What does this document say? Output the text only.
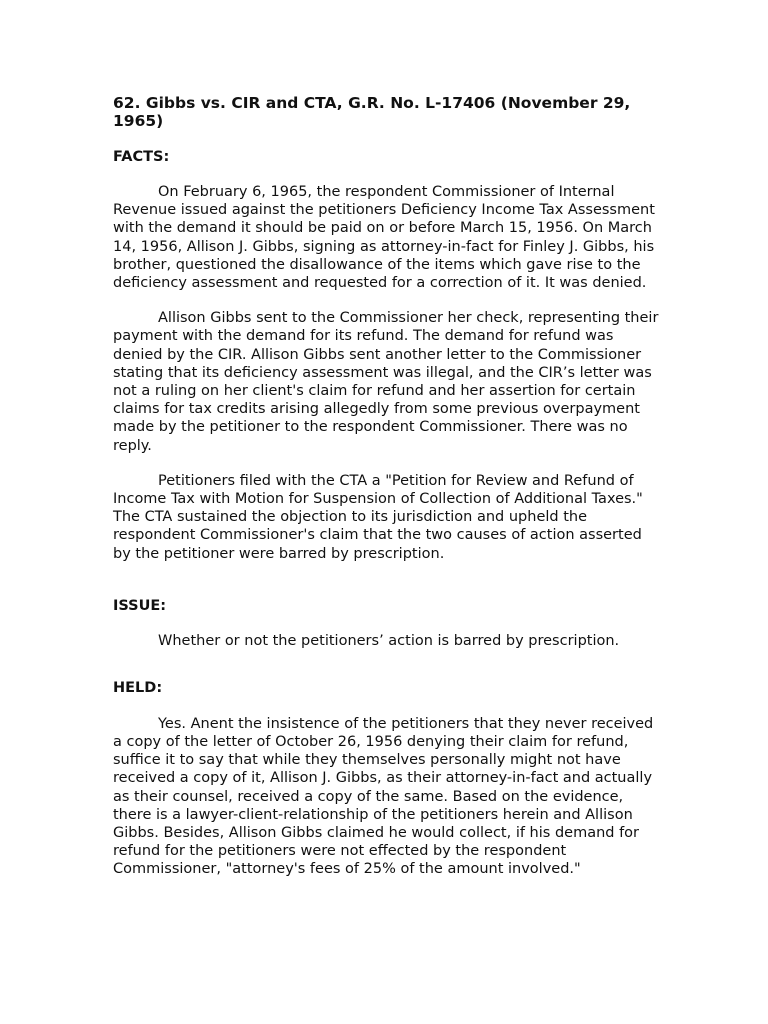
62. Gibbs vs. CIR and CTA, G.R. No. L-17406 (November 29, 1965)

FACTS:

On February 6, 1965, the respondent Commissioner of Internal Revenue issued against the petitioners Deficiency Income Tax Assessment with the demand it should be paid on or before March 15, 1956. On March 14, 1956, Allison J. Gibbs, signing as attorney-in-fact for Finley J. Gibbs, his brother, questioned the disallowance of the items which gave rise to the deficiency assessment and requested for a correction of it. It was denied.

Allison Gibbs sent to the Commissioner her check, representing their payment with the demand for its refund. The demand for refund was denied by the CIR. Allison Gibbs sent another letter to the Commissioner stating that its deficiency assessment was illegal, and the CIR’s letter was not a ruling on her client's claim for refund and her assertion for certain claims for tax credits arising allegedly from some previous overpayment made by the petitioner to the respondent Commissioner. There was no reply.

Petitioners filed with the CTA a "Petition for Review and Refund of Income Tax with Motion for Suspension of Collection of Additional Taxes." The CTA sustained the objection to its jurisdiction and upheld the respondent Commissioner's claim that the two causes of action asserted by the petitioner were barred by prescription.

ISSUE:

Whether or not the petitioners’ action is barred by prescription.

HELD:

Yes. Anent the insistence of the petitioners that they never received a copy of the letter of October 26, 1956 denying their claim for refund, suffice it to say that while they themselves personally might not have received a copy of it, Allison J. Gibbs, as their attorney-in-fact and actually as their counsel, received a copy of the same. Based on the evidence, there is a lawyer-client-relationship of the petitioners herein and Allison Gibbs. Besides, Allison Gibbs claimed he would collect, if his demand for refund for the petitioners were not effected by the respondent Commissioner, "attorney's fees of 25% of the amount involved."
